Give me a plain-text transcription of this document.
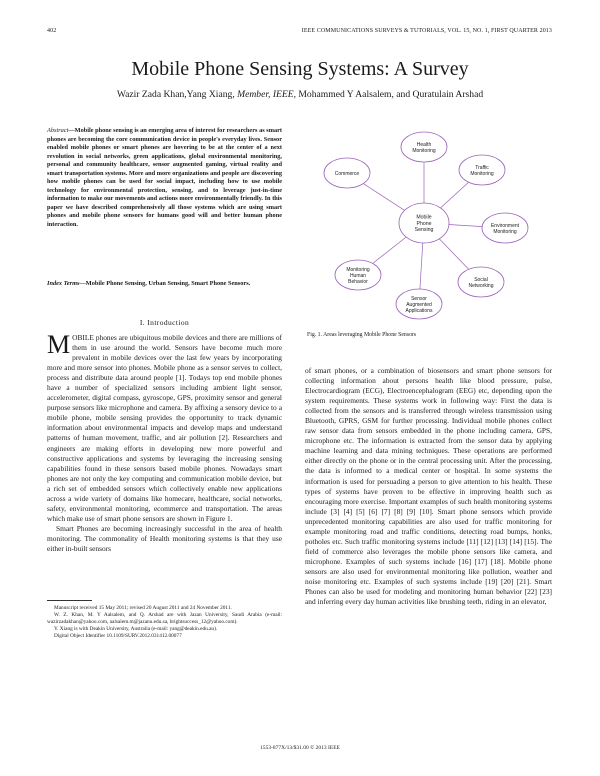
402	IEEE COMMUNICATIONS SURVEYS & TUTORIALS, VOL. 15, NO. 1, FIRST QUARTER 2013
Mobile Phone Sensing Systems: A Survey
Wazir Zada Khan,Yang Xiang, Member, IEEE, Mohammed Y Aalsalem, and Quratulain Arshad
Abstract—Mobile phone sensing is an emerging area of interest for researchers as smart phones are becoming the core communication device in people's everyday lives. Sensor enabled mobile phones or smart phones are hovering to be at the center of a next revolution in social networks, green applications, global environmental monitoring, personal and community healthcare, sensor augmented gaming, virtual reality and smart transportation systems. More and more organizations and people are discovering how mobile phones can be used for social impact, including how to use mobile technology for environmental protection, sensing, and to leverage just-in-time information to make our movements and actions more environmentally friendly. In this paper we have described comprehensively all those systems which are using smart phones and mobile phone sensors for humans good will and better human phone interaction.
Index Terms—Mobile Phone Sensing, Urban Sensing, Smart Phone Sensors.
I. Introduction

MOBILE phones are ubiquitous mobile devices and there are millions of them in use around the world. Sensors have become much more prevalent in mobile devices over the last few years by incorporating more and more sensor into phones. Mobile phone as a sensor serves to collect, process and distribute data around people [1]. Todays top end mobile phones have a number of specialized sensors including ambient light sensor, accelerometer, digital compass, gyroscope, GPS, proximity sensor and general purpose sensors like microphone and camera. By affixing a sensory device to a mobile phone, mobile sensing provides the opportunity to track dynamic information about environmental impacts and develop maps and understand patterns of human movement, traffic, and air pollution [2]. Researchers and engineers are making efforts in developing new more powerful and constructive applications and systems by leveraging the increasing sensing capabilities found in these sensors based mobile phones. Nowadays smart phones are not only the key computing and communication mobile device, but a rich set of embedded sensors which collectively enable new applications across a wide variety of domains like homecare, healthcare, social networks, safety, environmental monitoring, ecommerce and transportation. The areas which make use of smart phone sensors are shown in Figure 1.

Smart Phones are becoming increasingly successful in the area of health monitoring. The commonality of Health monitoring systems is that they use either in-built sensors

Manuscript received 15 May 2011; revised 20 August 2011 and 24 November 2011.

W. Z. Khan, M. Y Aalsalem, and Q. Arshad are with Jazan University, Saudi Arabia (e-mail: wazirzadakhan@yahoo.com, aalsalem.m@jazanu.edu.sa, brightsuccess_12@yahoo.com).

Y. Xiang is with Deakin University, Australia (e-mail: yang@deakin.edu.au).

Digital Object Identifier 10.1109/SURV.2012.031412.00077

Health Monitoring
Traffic Monitoring
Environment Monitoring
Social Networking
Sensor Augmented Applications
Monitoring Human Behavior
Commerce
Mobile Phone Sensing
Fig. 1. Areas leveraging Mobile Phone Sensors

of smart phones, or a combination of biosensors and smart phone sensors for collecting information about persons health like blood pressure, pulse, Electrocardiogram (ECG), Electroencephalogram (EEG) etc, depending upon the system requirements. These systems work in following way: First the data is collected from the sensors and is transferred through wireless transmission using Bluetooth, GPRS, GSM for further processing. Individual mobile phones collect raw sensor data from sensors embedded in the phone including camera, GPS, microphone etc. The information is extracted from the sensor data by applying machine learning and data mining techniques. These operations are performed either directly on the phone or in the central processing unit. After the processing, the data is informed to a medical center or hospital. In some systems the information is used for persuading a person to give attention to his health. These types of systems have proven to be effective in improving health such as encouraging more exercise. Important examples of such health monitoring systems include [3] [4] [5] [6] [7] [8] [9] [10]. Smart phone sensors which provide unprecedented monitoring capabilities are also used for traffic monitoring for example monitoring road and traffic conditions, detecting road bumps, honks, potholes etc. Such traffic monitoring systems include [11] [12] [13] [14] [15]. The field of commerce also leverages the mobile phone sensors like camera, and microphone. Examples of such systems include [16] [17] [18]. Mobile phone sensors are also used for environmental monitoring like pollution, weather and noise monitoring etc. Examples of such systems include [19] [20] [21]. Smart Phones can also be used for modeling and monitoring human behavior [22] [23] and inferring every day human activities like brushing teeth, riding in an elevator,

1553-877X/13/$31.00 © 2013 IEEE
